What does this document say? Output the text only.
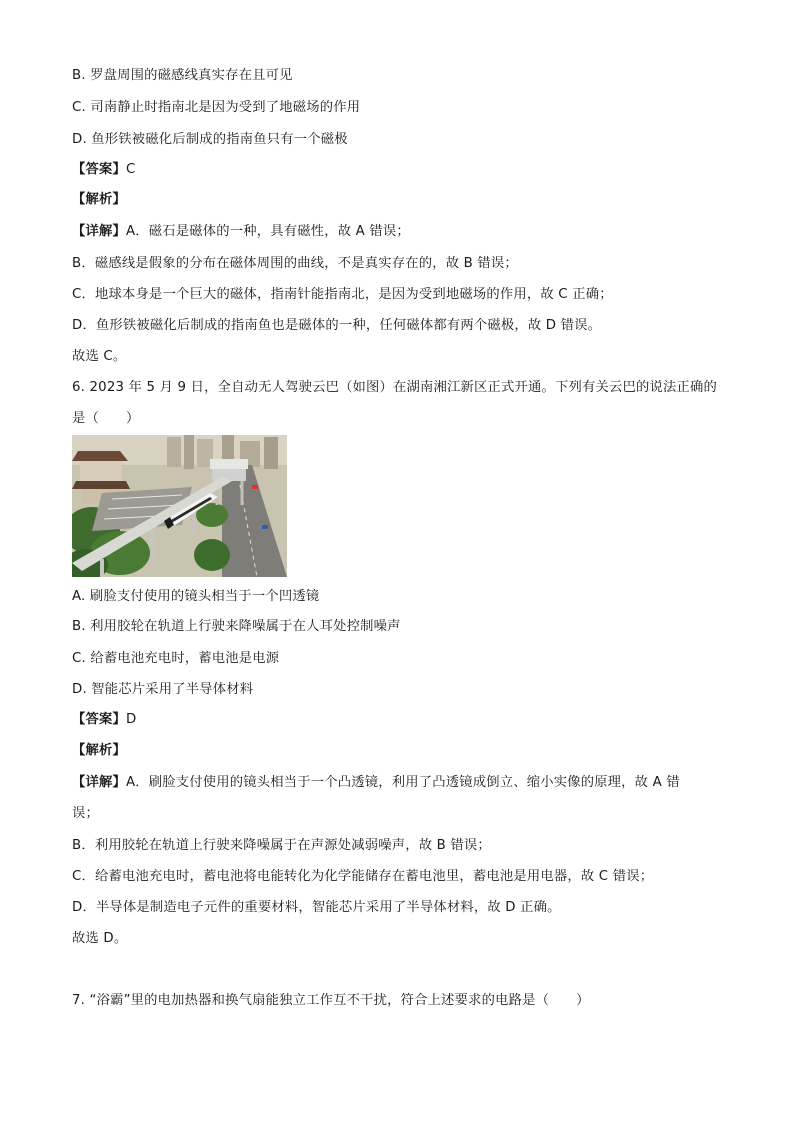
B. 罗盘周围的磁感线真实存在且可见
C. 司南静止时指南北是因为受到了地磁场的作用
D. 鱼形铁被磁化后制成的指南鱼只有一个磁极
【答案】C
【解析】
【详解】A．磁石是磁体的一种，具有磁性，故 A 错误；
B．磁感线是假象的分布在磁体周围的曲线，不是真实存在的，故 B 错误；
C．地球本身是一个巨大的磁体，指南针能指南北，是因为受到地磁场的作用，故 C 正确；
D．鱼形铁被磁化后制成的指南鱼也是磁体的一种，任何磁体都有两个磁极，故 D 错误。
故选 C。
6. 2023 年 5 月 9 日，全自动无人驾驶云巴（如图）在湖南湘江新区正式开通。下列有关云巴的说法正确的
是（　　）
A. 刷脸支付使用的镜头相当于一个凹透镜
B. 利用胶轮在轨道上行驶来降噪属于在人耳处控制噪声
C. 给蓄电池充电时，蓄电池是电源
D. 智能芯片采用了半导体材料
【答案】D
【解析】
【详解】A．刷脸支付使用的镜头相当于一个凸透镜，利用了凸透镜成倒立、缩小实像的原理，故 A 错
误；
B．利用胶轮在轨道上行驶来降噪属于在声源处减弱噪声，故 B 错误；
C．给蓄电池充电时，蓄电池将电能转化为化学能储存在蓄电池里，蓄电池是用电器，故 C 错误；
D．半导体是制造电子元件的重要材料，智能芯片采用了半导体材料，故 D 正确。
故选 D。
7. “浴霸”里的电加热器和换气扇能独立工作互不干扰，符合上述要求的电路是（　　）
